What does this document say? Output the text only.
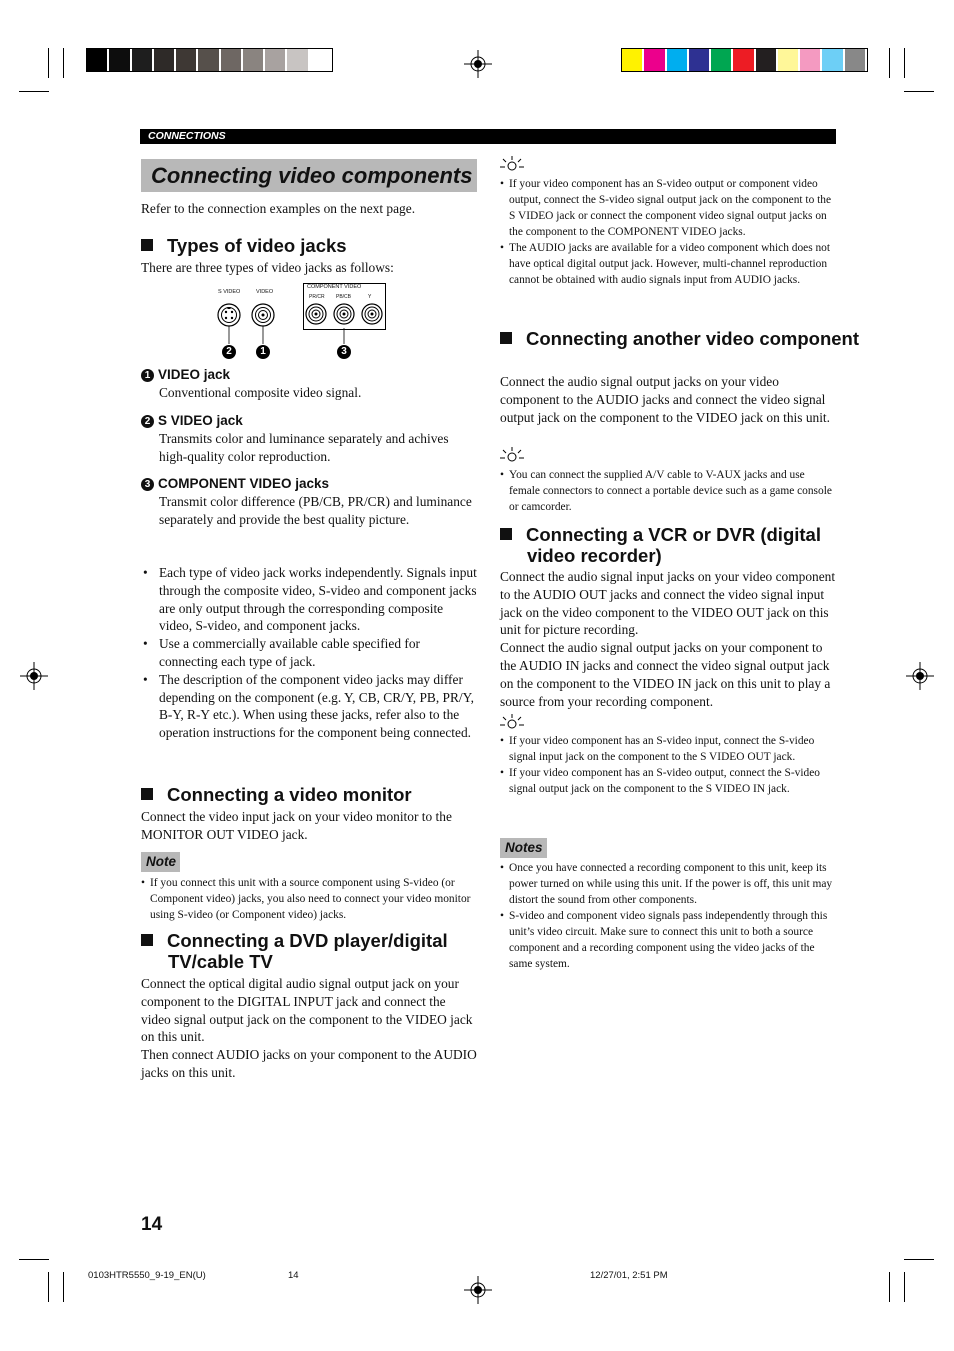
CONNECTIONS
Connecting video components
Refer to the connection examples on the next page.
Types of video jacks
There are three types of video jacks as follows:
S VIDEO	VIDEO
COMPONENT VIDEO
PR/CR PB/CB	Y
2	1	3
1 VIDEO jack
Conventional composite video signal.
2 S VIDEO jack
Transmits color and luminance separately and achives high-quality color reproduction.
3 COMPONENT VIDEO jacks
Transmit color difference (PB/CB, PR/CR) and luminance separately and provide the best quality picture.
• Each type of video jack works independently. Signals input through the composite video, S-video and component jacks are only output through the corresponding composite video, S-video, and component jacks.
• Use a commercially available cable specified for connecting each type of jack.
• The description of the component video jacks may differ depending on the component (e.g. Y, CB, CR/Y, PB, PR/Y, B-Y, R-Y etc.). When using these jacks, refer also to the operation instructions for the component being connected.
Connecting a video monitor
Connect the video input jack on your video monitor to the MONITOR OUT VIDEO jack.
Note
• If you connect this unit with a source component using S-video (or Component video) jacks, you also need to connect your video monitor using S-video (or Component video) jacks.
Connecting a DVD player/digital TV/cable TV
Connect the optical digital audio signal output jack on your component to the DIGITAL INPUT jack and connect the video signal output jack on the component to the VIDEO jack on this unit.
Then connect AUDIO jacks on your component to the AUDIO jacks on this unit.
• If your video component has an S-video output or component video output, connect the S-video signal output jack on the component to the S VIDEO jack or connect the component video signal output jacks on the component to the COMPONENT VIDEO jacks.
• The AUDIO jacks are available for a video component which does not have optical digital output jack. However, multi-channel reproduction cannot be obtained with audio signals input from AUDIO jacks.
Connecting another video component
Connect the audio signal output jacks on your video component to the AUDIO jacks and connect the video signal output jack on the component to the VIDEO jack on this unit.
• You can connect the supplied A/V cable to V-AUX jacks and use female connectors to connect a portable device such as a game console or camcorder.
Connecting a VCR or DVR (digital video recorder)
Connect the audio signal input jacks on your video component to the AUDIO OUT jacks and connect the video signal input jack on the video component to the VIDEO OUT jack on this unit for picture recording.
Connect the audio signal output jacks on your component to the AUDIO IN jacks and connect the video signal output jack on the component to the VIDEO IN jack on this unit to play a source from your recording component.
• If your video component has an S-video input, connect the S-video signal input jack on the component to the S VIDEO OUT jack.
• If your video component has an S-video output, connect the S-video signal output jack on the component to the S VIDEO IN jack.
Notes
• Once you have connected a recording component to this unit, keep its power turned on while using this unit. If the power is off, this unit may distort the sound from other components.
• S-video and component video signals pass independently through this unit’s video circuit. Make sure to connect this unit to both a source component and a recording component using the video jacks of the same system.
14
0103HTR5550_9-19_EN(U)	14	12/27/01, 2:51 PM
